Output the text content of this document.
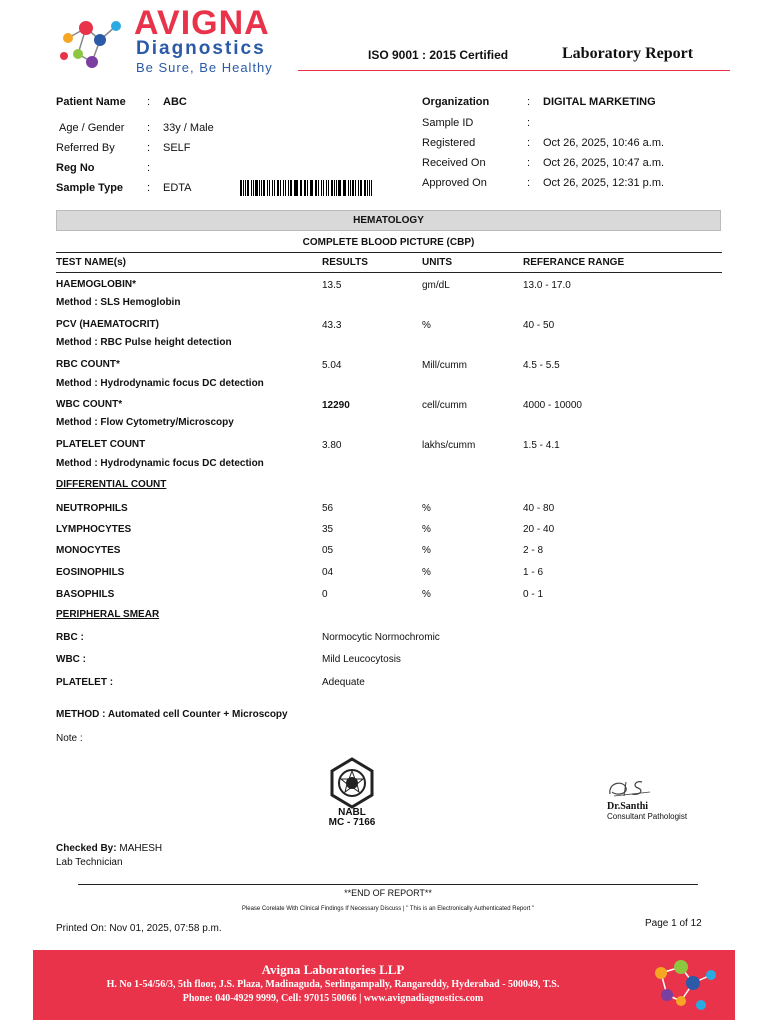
AVIGNA
Diagnostics
Be Sure, Be Healthy
ISO 9001 : 2015 Certified	Laboratory Report
Patient Name : ABC
Age / Gender : 33y / Male
Referred By	: SELF
Reg No	:
Sample Type : EDTA
Organization	: DIGITAL MARKETING
Sample ID	:
Registered	: Oct 26, 2025, 10:46 a.m.
Received On	: Oct 26, 2025, 10:47 a.m.
Approved On	: Oct 26, 2025, 12:31 p.m.
HEMATOLOGY
COMPLETE BLOOD PICTURE (CBP)
TEST NAME(s)	RESULTS	UNITS	REFERANCE RANGE
HAEMOGLOBIN*	13.5	gm/dL	13.0 - 17.0
Method : SLS Hemoglobin
PCV (HAEMATOCRIT)	43.3	%	40 - 50
Method : RBC Pulse height detection
RBC COUNT*	5.04	Mill/cumm	4.5 - 5.5
Method : Hydrodynamic focus DC detection
WBC COUNT*	12290	cell/cumm	4000 - 10000
Method : Flow Cytometry/Microscopy
PLATELET COUNT	3.80	lakhs/cumm	1.5 - 4.1
Method : Hydrodynamic focus DC detection
DIFFERENTIAL COUNT
NEUTROPHILS	56	%	40 - 80
LYMPHOCYTES	35	%	20 - 40
MONOCYTES	05	%	2 - 8
EOSINOPHILS	04	%	1 - 6
BASOPHILS	0	%	0 - 1
PERIPHERAL SMEAR
RBC :	Normocytic Normochromic
WBC :	Mild Leucocytosis
PLATELET :	Adequate
METHOD : Automated cell Counter + Microscopy
Note :
NABL
MC - 7166
Dr.Santhi
Consultant Pathologist
Checked By: MAHESH
Lab Technician
**END OF REPORT**
Please Corelate With Clinical Findings If Necessary Discuss | " This is an Electronically Authenticated Report "
Printed On: Nov 01, 2025, 07:58 p.m.	Page 1 of 12
Avigna Laboratories LLP
H. No 1-54/56/3, 5th floor, J.S. Plaza, Madinaguda, Serlingampally, Rangareddy, Hyderabad - 500049, T.S.
Phone: 040-4929 9999, Cell: 97015 50066 | www.avignadiagnostics.com
